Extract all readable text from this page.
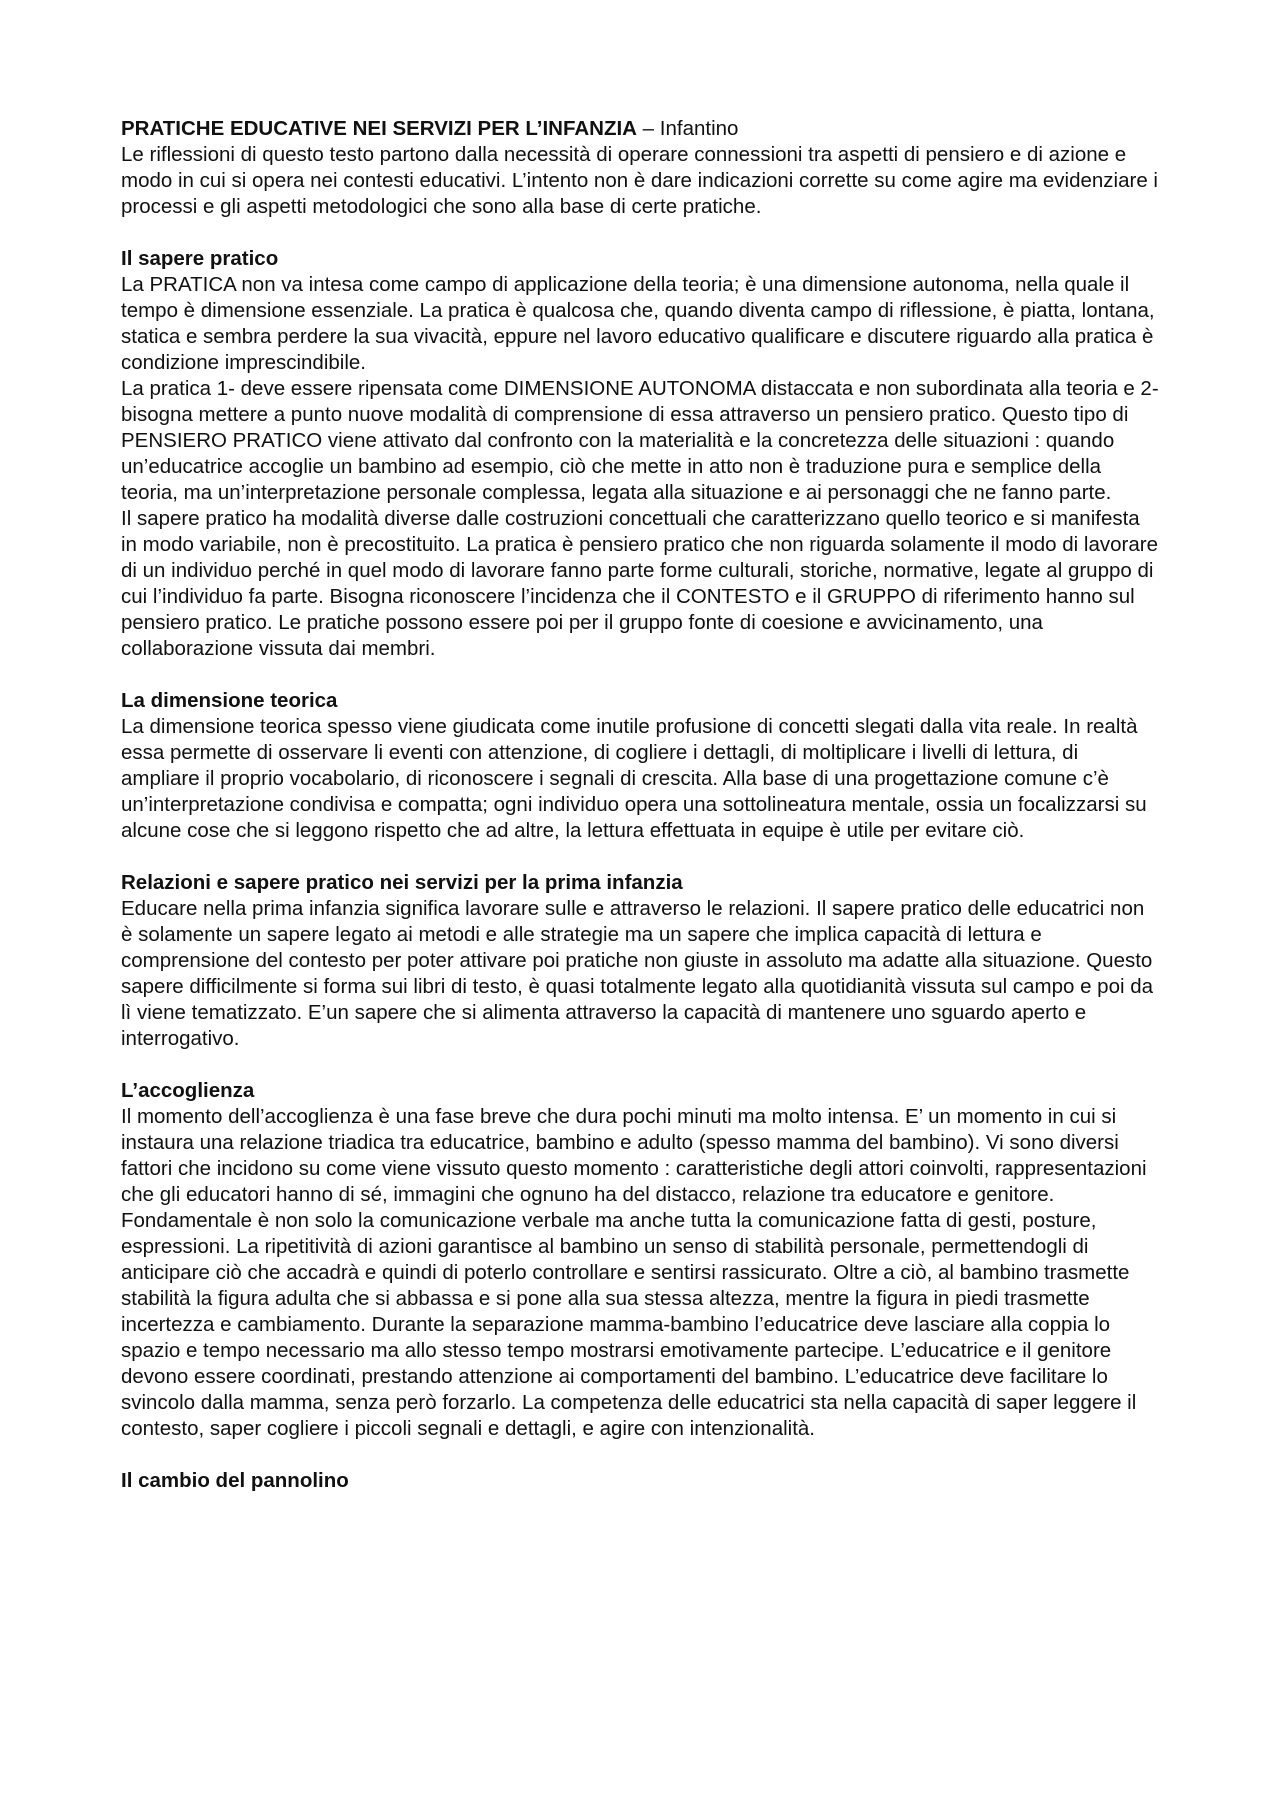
PRATICHE EDUCATIVE NEI SERVIZI PER L’INFANZIA – Infantino

Le riflessioni di questo testo partono dalla necessità di operare connessioni tra aspetti di pensiero e di azione e modo in cui si opera nei contesti educativi. L’intento non è dare indicazioni corrette su come agire ma evidenziare i processi e gli aspetti metodologici che sono alla base di certe pratiche.

Il sapere pratico

La PRATICA non va intesa come campo di applicazione della teoria; è una dimensione autonoma, nella quale il tempo è dimensione essenziale. La pratica è qualcosa che, quando diventa campo di riflessione, è piatta, lontana, statica e sembra perdere la sua vivacità, eppure nel lavoro educativo qualificare e discutere riguardo alla pratica è condizione imprescindibile.

La pratica 1- deve essere ripensata come DIMENSIONE AUTONOMA distaccata e non subordinata alla teoria e 2- bisogna mettere a punto nuove modalità di comprensione di essa attraverso un pensiero pratico. Questo tipo di PENSIERO PRATICO viene attivato dal confronto con la materialità e la concretezza delle situazioni : quando un’educatrice accoglie un bambino ad esempio, ciò che mette in atto non è traduzione pura e semplice della teoria, ma un’interpretazione personale complessa, legata alla situazione e ai personaggi che ne fanno parte.

Il sapere pratico ha modalità diverse dalle costruzioni concettuali che caratterizzano quello teorico e si manifesta in modo variabile, non è precostituito. La pratica è pensiero pratico che non riguarda solamente il modo di lavorare di un individuo perché in quel modo di lavorare fanno parte forme culturali, storiche, normative, legate al gruppo di cui l’individuo fa parte. Bisogna riconoscere l’incidenza che il CONTESTO e il GRUPPO di riferimento hanno sul pensiero pratico. Le pratiche possono essere poi per il gruppo fonte di coesione e avvicinamento, una collaborazione vissuta dai membri.

La dimensione teorica

La dimensione teorica spesso viene giudicata come inutile profusione di concetti slegati dalla vita reale. In realtà essa permette di osservare li eventi con attenzione, di cogliere i dettagli, di moltiplicare i livelli di lettura, di ampliare il proprio vocabolario, di riconoscere i segnali di crescita. Alla base di una progettazione comune c’è un’interpretazione condivisa e compatta; ogni individuo opera una sottolineatura mentale, ossia un focalizzarsi su alcune cose che si leggono rispetto che ad altre, la lettura effettuata in equipe è utile per evitare ciò.

Relazioni e sapere pratico nei servizi per la prima infanzia

Educare nella prima infanzia significa lavorare sulle e attraverso le relazioni. Il sapere pratico delle educatrici non è solamente un sapere legato ai metodi e alle strategie ma un sapere che implica capacità di lettura e comprensione del contesto per poter attivare poi pratiche non giuste in assoluto ma adatte alla situazione. Questo sapere difficilmente si forma sui libri di testo, è quasi totalmente legato alla quotidianità vissuta sul campo e poi da lì viene tematizzato. E’un sapere che si alimenta attraverso la capacità di mantenere uno sguardo aperto e interrogativo.

L’accoglienza

Il momento dell’accoglienza è una fase breve che dura pochi minuti ma molto intensa. E’ un momento in cui si instaura una relazione triadica tra educatrice, bambino e adulto (spesso mamma del bambino). Vi sono diversi fattori che incidono su come viene vissuto questo momento : caratteristiche degli attori coinvolti, rappresentazioni che gli educatori hanno di sé, immagini che ognuno ha del distacco, relazione tra educatore e genitore. Fondamentale è non solo la comunicazione verbale ma anche tutta la comunicazione fatta di gesti, posture, espressioni. La ripetitività di azioni garantisce al bambino un senso di stabilità personale, permettendogli di anticipare ciò che accadrà e quindi di poterlo controllare e sentirsi rassicurato. Oltre a ciò, al bambino trasmette stabilità la figura adulta che si abbassa e si pone alla sua stessa altezza, mentre la figura in piedi trasmette incertezza e cambiamento. Durante la separazione mamma-bambino l’educatrice deve lasciare alla coppia lo spazio e tempo necessario ma allo stesso tempo mostrarsi emotivamente partecipe. L’educatrice e il genitore devono essere coordinati, prestando attenzione ai comportamenti del bambino. L’educatrice deve facilitare lo svincolo dalla mamma, senza però forzarlo. La competenza delle educatrici sta nella capacità di saper leggere il contesto, saper cogliere i piccoli segnali e dettagli, e agire con intenzionalità.

Il cambio del pannolino
